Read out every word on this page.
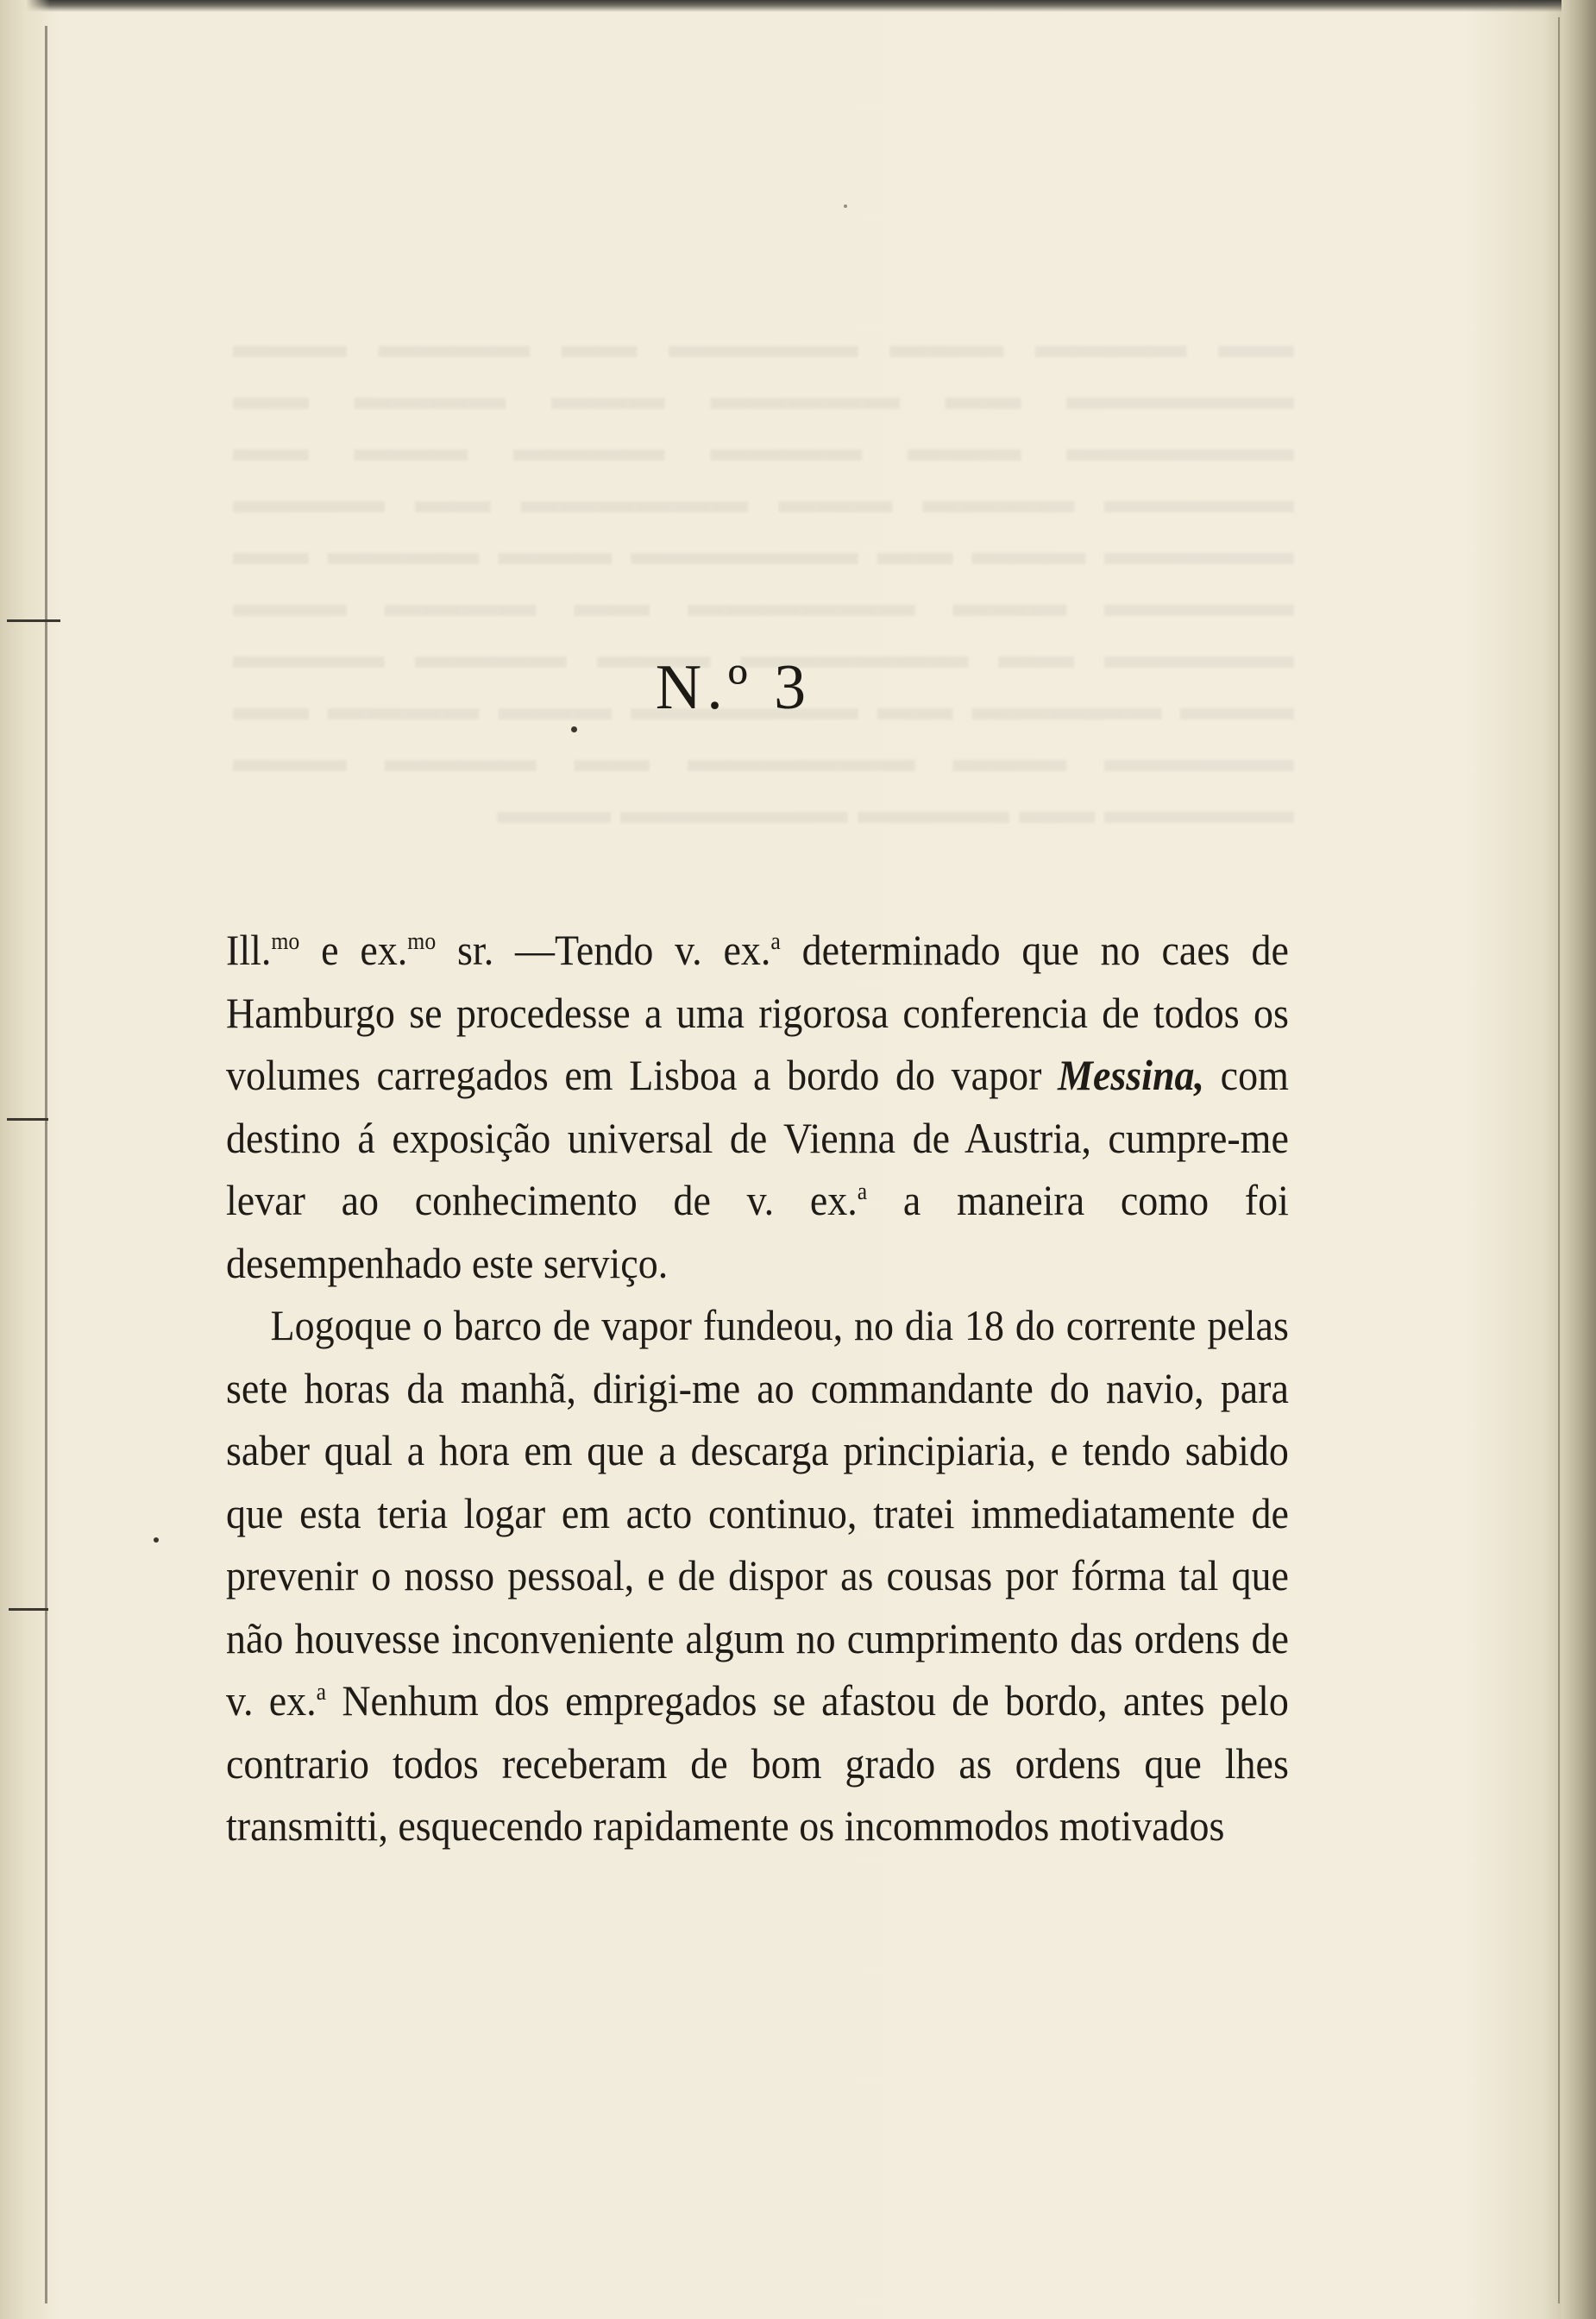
N.º 3

Ill.$^{mo}$ e ex.$^{mo}$ sr. —Tendo v. ex.$^a$ determinado que no caes de Hamburgo se procedesse a uma rigorosa conferencia de todos os volumes carregados em Lisboa a bordo do vapor Messina, com destino á exposição universal de Vienna de Austria, cumpre-me levar ao conhecimento de v. ex.$^a$ a maneira como foi desempenhado este serviço.

Logoque o barco de vapor fundeou, no dia 18 do corrente pelas sete horas da manhã, dirigi-me ao commandante do navio, para saber qual a hora em que a descarga principiaria, e tendo sabido que esta teria logar em acto continuo, tratei immediatamente de prevenir o nosso pessoal, e de dispor as cousas por fórma tal que não houvesse inconveniente algum no cumprimento das ordens de v. ex.$^a$ Nenhum dos empregados se afastou de bordo, antes pelo contrario todos receberam de bom grado as ordens que lhes transmitti, esquecendo rapidamente os incommodos motivados
